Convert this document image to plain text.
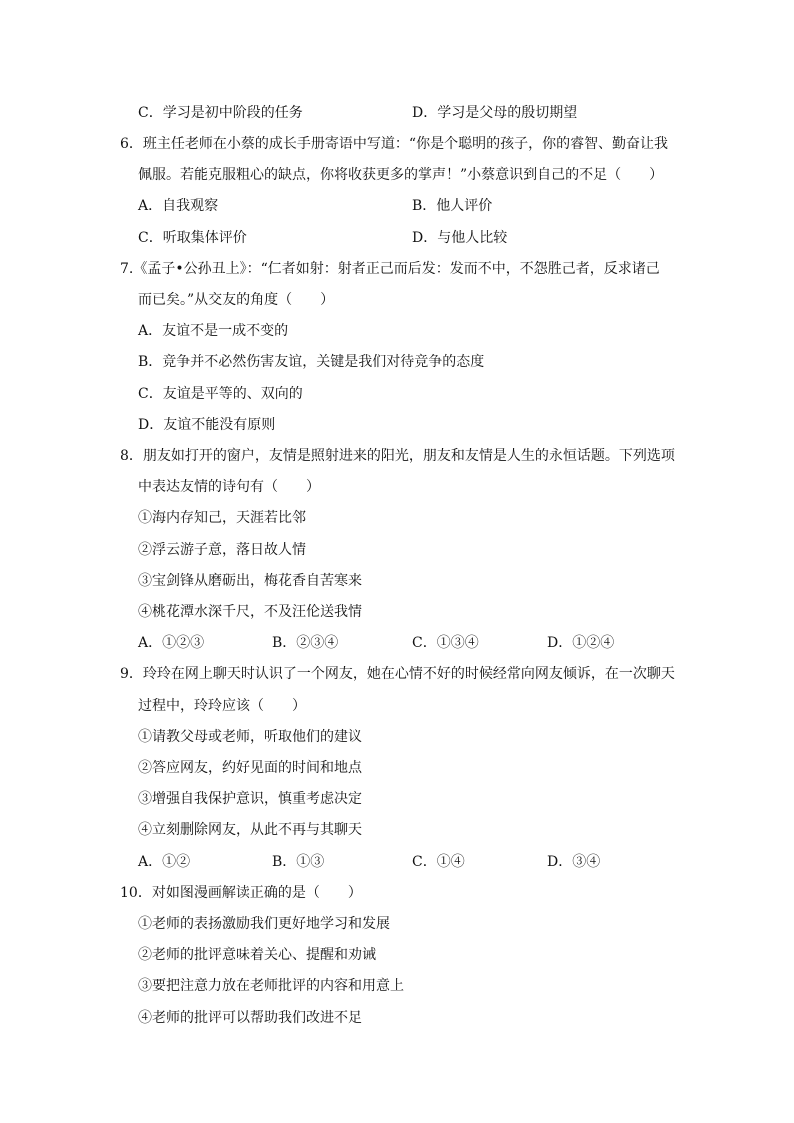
C．学习是初中阶段的任务	D．学习是父母的殷切期望
6．班主任老师在小蔡的成长手册寄语中写道：“你是个聪明的孩子，你的睿智、勤奋让我
佩服。若能克服粗心的缺点，你将收获更多的掌声！”小蔡意识到自己的不足（　　）
A．自我观察	B．他人评价
C．听取集体评价	D．与他人比较
7.《孟子•公孙丑上》：“仁者如射：射者正己而后发：发而不中，不怨胜己者，反求诸己
而已矣。”从交友的角度（　　）
A．友谊不是一成不变的
B．竞争并不必然伤害友谊，关键是我们对待竞争的态度
C．友谊是平等的、双向的
D．友谊不能没有原则
8．朋友如打开的窗户，友情是照射进来的阳光，朋友和友情是人生的永恒话题。下列选项
中表达友情的诗句有（　　）
①海内存知己，天涯若比邻
②浮云游子意，落日故人情
③宝剑锋从磨砺出，梅花香自苦寒来
④桃花潭水深千尺，不及汪伦送我情
A．①②③	B．②③④	C．①③④	D．①②④
9．玲玲在网上聊天时认识了一个网友，她在心情不好的时候经常向网友倾诉，在一次聊天
过程中，玲玲应该（　　）
①请教父母或老师，听取他们的建议
②答应网友，约好见面的时间和地点
③增强自我保护意识，慎重考虑决定
④立刻删除网友，从此不再与其聊天
A．①②	B．①③	C．①④	D．③④
10．对如图漫画解读正确的是（　　）
①老师的表扬激励我们更好地学习和发展
②老师的批评意味着关心、提醒和劝诫
③要把注意力放在老师批评的内容和用意上
④老师的批评可以帮助我们改进不足
